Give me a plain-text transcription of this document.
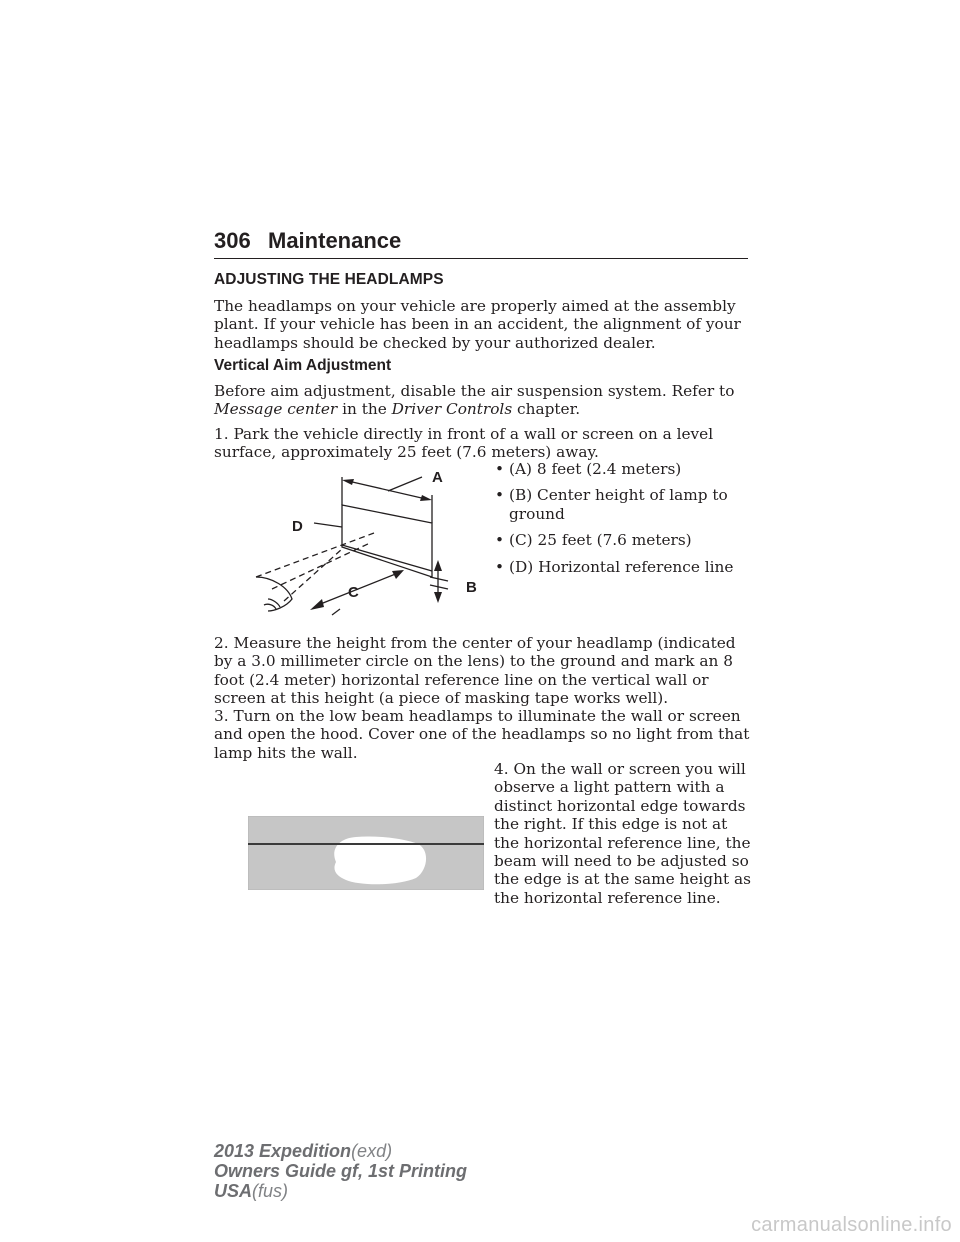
306 Maintenance
ADJUSTING THE HEADLAMPS

The headlamps on your vehicle are properly aimed at the assembly plant. If your vehicle has been in an accident, the alignment of your headlamps should be checked by your authorized dealer.

Vertical Aim Adjustment

Before aim adjustment, disable the air suspension system. Refer to
Message center in the Driver Controls chapter.

1. Park the vehicle directly in front of a wall or screen on a level surface, approximately 25 feet (7.6 meters) away.

A
D
B
C
• (A) 8 feet (2.4 meters)
• (B) Center height of lamp to ground
• (C) 25 feet (7.6 meters)
• (D) Horizontal reference line

2. Measure the height from the center of your headlamp (indicated by a 3.0 millimeter circle on the lens) to the ground and mark an 8 foot (2.4 meter) horizontal reference line on the vertical wall or screen at this height (a piece of masking tape works well).

3. Turn on the low beam headlamps to illuminate the wall or screen and open the hood. Cover one of the headlamps so no light from that lamp hits the wall.

4. On the wall or screen you will observe a light pattern with a distinct horizontal edge towards the right. If this edge is not at the horizontal reference line, the beam will need to be adjusted so the edge is at the same height as the horizontal reference line.

2013 Expedition(exd)
Owners Guide gf, 1st Printing
USA(fus)
carmanualsonline.info
